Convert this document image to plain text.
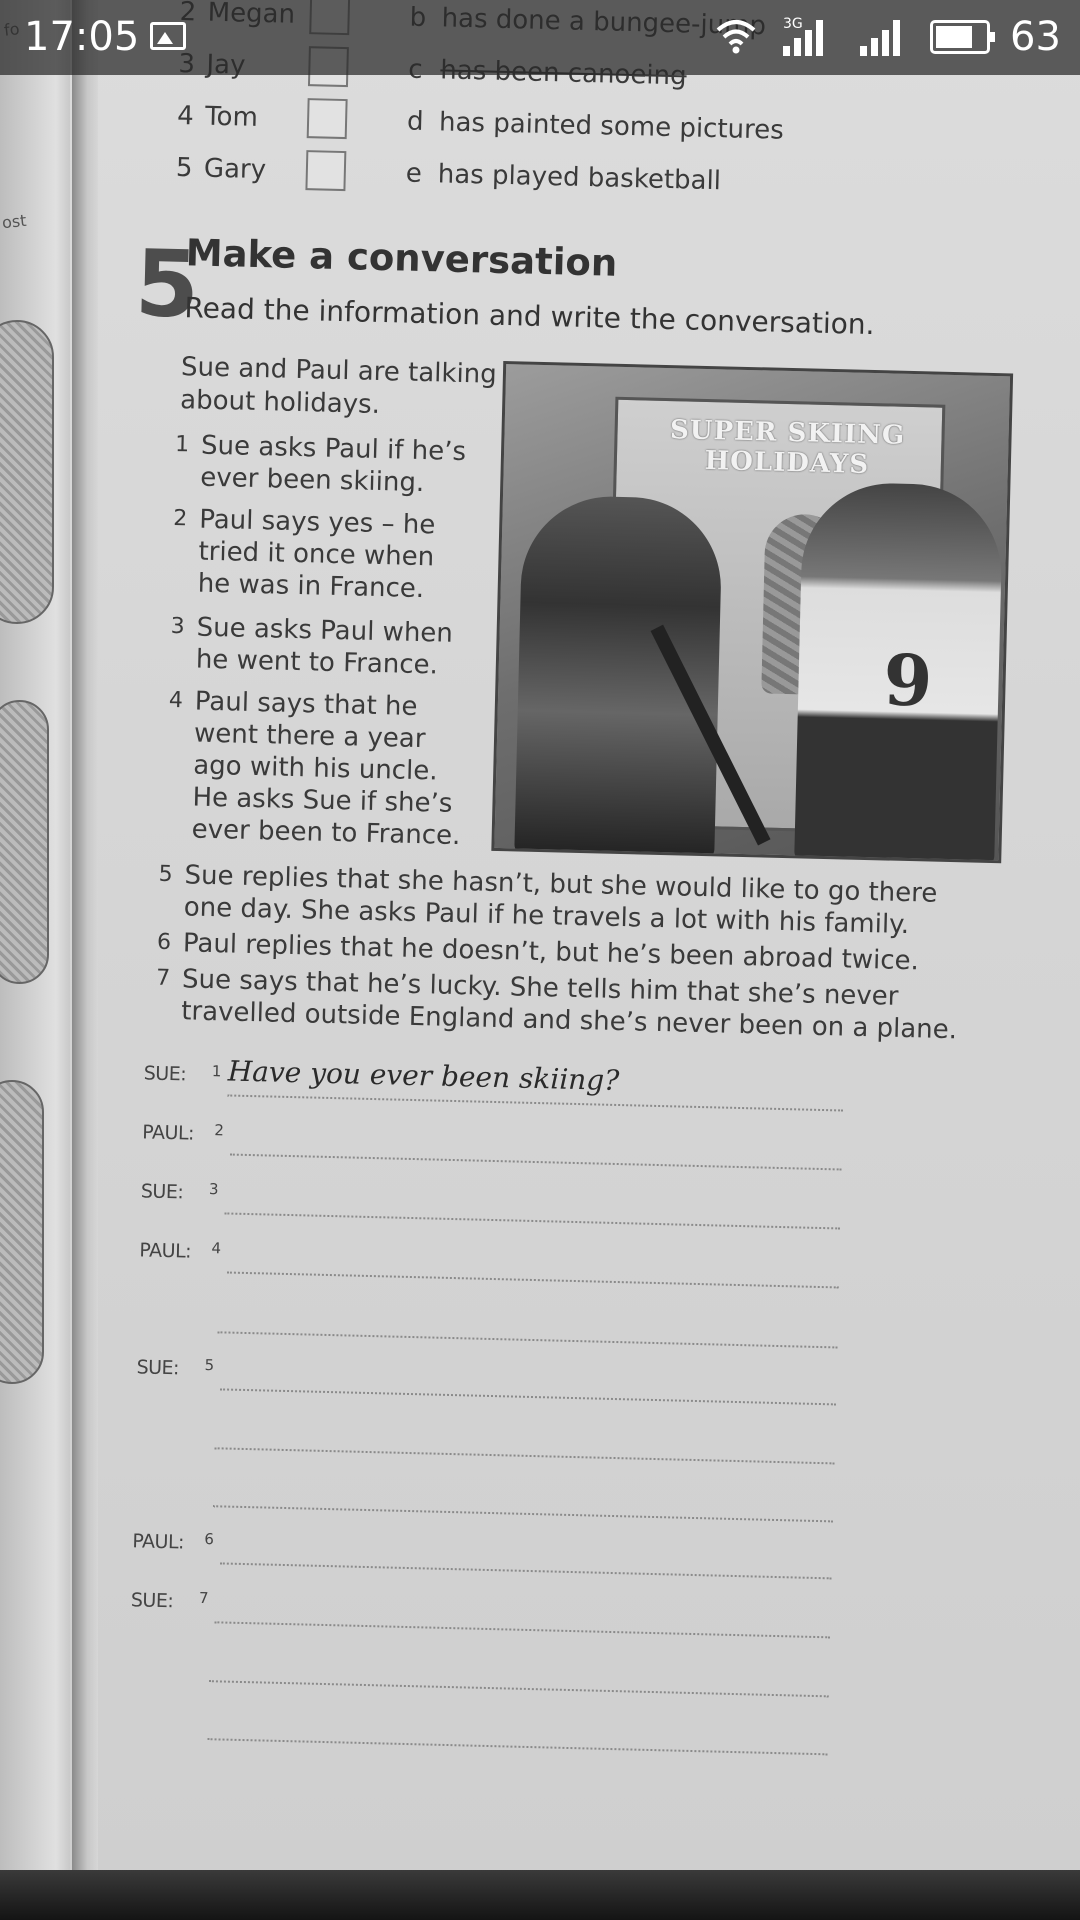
ost
4 Tom	d has painted some pictures
5 Gary	e has played basketball
5
Make a conversation
Read the information and write the conversation.
Sue and Paul are talking about holidays.
1 Sue asks Paul if he’s ever been skiing.
2 Paul says yes – he tried it once when he was in France.
3 Sue asks Paul when he went to France.
4 Paul says that he went there a year ago with his uncle. He asks Sue if she’s ever been to France.
SUPER SKIING HOLIDAYS
9
5 Sue replies that she hasn’t, but she would like to go there one day. She asks Paul if he travels a lot with his family.
6 Paul replies that he doesn’t, but he’s been abroad twice.
7 Sue says that he’s lucky. She tells him that she’s never travelled outside England and she’s never been on a plane.
SUE: 1 Have you ever been skiing?
PAUL: 2
SUE: 3
PAUL: 4
SUE: 5
PAUL: 6
SUE: 7
17:05	3G	63
